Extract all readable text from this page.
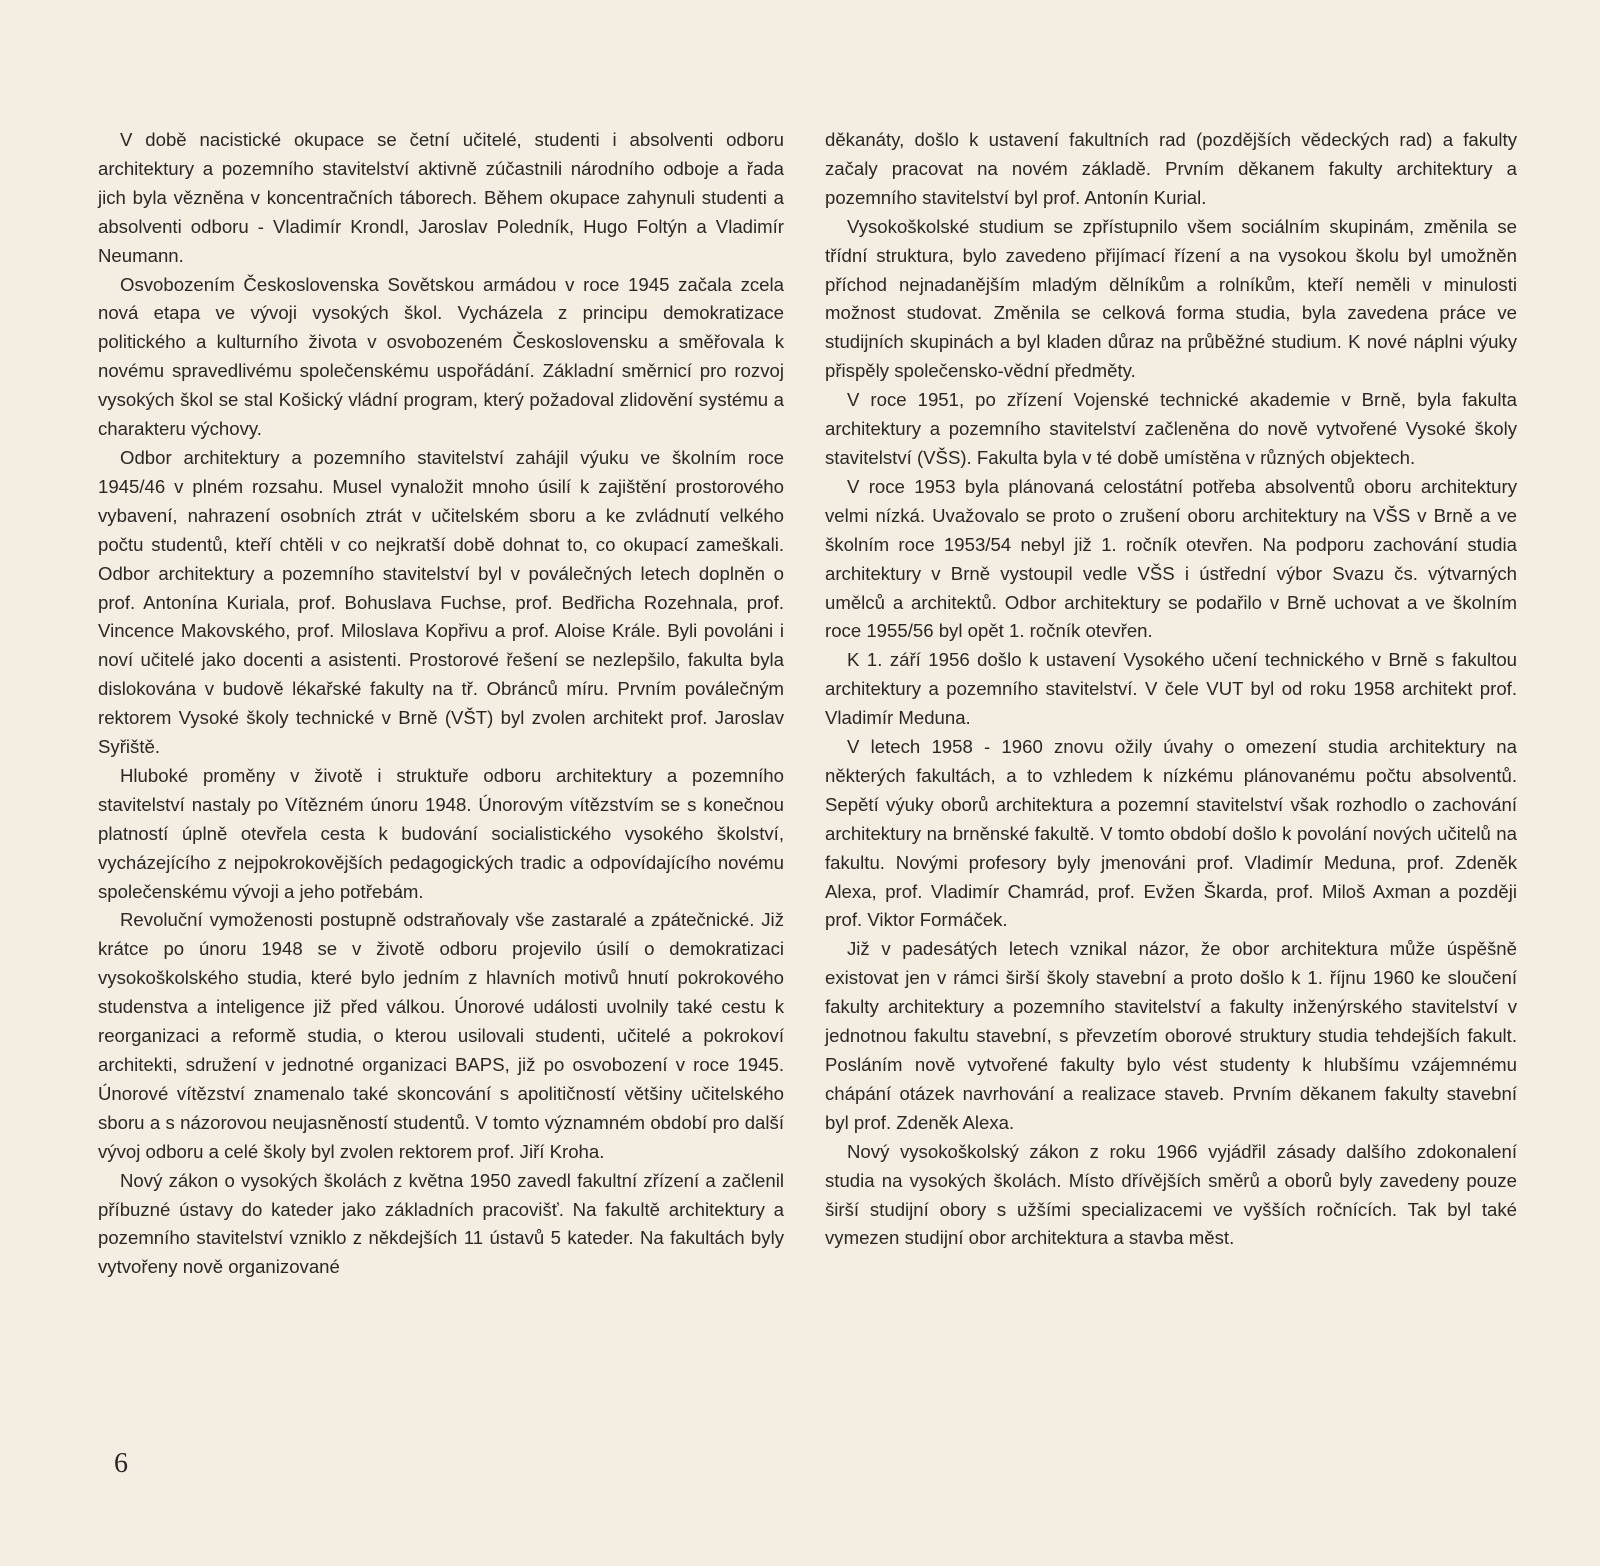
V době nacistické okupace se četní učitelé, studenti i absolventi odboru architektury a pozemního stavitelství aktivně zúčastnili národního odboje a řada jich byla vězněna v koncentračních táborech. Během okupace zahynuli studenti a absolventi odboru - Vladimír Krondl, Jaroslav Poledník, Hugo Foltýn a Vladimír Neumann.

Osvobozením Československa Sovětskou armádou v roce 1945 začala zcela nová etapa ve vývoji vysokých škol. Vycházela z principu demokratizace politického a kulturního života v osvobozeném Československu a směřovala k novému spravedlivému společenskému uspořádání. Základní směrnicí pro rozvoj vysokých škol se stal Košický vládní program, který požadoval zlidovění systému a charakteru výchovy.

Odbor architektury a pozemního stavitelství zahájil výuku ve školním roce 1945/46 v plném rozsahu. Musel vynaložit mnoho úsilí k zajištění prostorového vybavení, nahrazení osobních ztrát v učitelském sboru a ke zvládnutí velkého počtu studentů, kteří chtěli v co nejkratší době dohnat to, co okupací zameškali. Odbor architektury a pozemního stavitelství byl v poválečných letech doplněn o prof. Antonína Kuriala, prof. Bohuslava Fuchse, prof. Bedřicha Rozehnala, prof. Vincence Makovského, prof. Miloslava Kopřivu a prof. Aloise Krále. Byli povoláni i noví učitelé jako docenti a asistenti. Prostorové řešení se nezlepšilo, fakulta byla dislokována v budově lékařské fakulty na tř. Obránců míru. Prvním poválečným rektorem Vysoké školy technické v Brně (VŠT) byl zvolen architekt prof. Jaroslav Syřiště.

Hluboké proměny v životě i struktuře odboru architektury a pozemního stavitelství nastaly po Vítězném únoru 1948. Únorovým vítězstvím se s konečnou platností úplně otevřela cesta k budování socialistického vysokého školství, vycházejícího z nejpokrokovějších pedagogických tradic a odpovídajícího novému společenskému vývoji a jeho potřebám.

Revoluční vymoženosti postupně odstraňovaly vše zastaralé a zpátečnické. Již krátce po únoru 1948 se v životě odboru projevilo úsilí o demokratizaci vysokoškolského studia, které bylo jedním z hlavních motivů hnutí pokrokového studenstva a inteligence již před válkou. Únorové události uvolnily také cestu k reorganizaci a reformě studia, o kterou usilovali studenti, učitelé a pokrokoví architekti, sdružení v jednotné organizaci BAPS, již po osvobození v roce 1945. Únorové vítězství znamenalo také skoncování s apolitičností většiny učitelského sboru a s názorovou neujasněností studentů. V tomto významném období pro další vývoj odboru a celé školy byl zvolen rektorem prof. Jiří Kroha.

Nový zákon o vysokých školách z května 1950 zavedl fakultní zřízení a začlenil příbuzné ústavy do kateder jako základních pracovišť. Na fakultě architektury a pozemního stavitelství vzniklo z někdejších 11 ústavů 5 kateder. Na fakultách byly vytvořeny nově organizované

děkanáty, došlo k ustavení fakultních rad (pozdějších vědeckých rad) a fakulty začaly pracovat na novém základě. Prvním děkanem fakulty architektury a pozemního stavitelství byl prof. Antonín Kurial.

Vysokoškolské studium se zpřístupnilo všem sociálním skupinám, změnila se třídní struktura, bylo zavedeno přijímací řízení a na vysokou školu byl umožněn příchod nejnadanějším mladým dělníkům a rolníkům, kteří neměli v minulosti možnost studovat. Změnila se celková forma studia, byla zavedena práce ve studijních skupinách a byl kladen důraz na průběžné studium. K nové náplni výuky přispěly společensko-vědní předměty.

V roce 1951, po zřízení Vojenské technické akademie v Brně, byla fakulta architektury a pozemního stavitelství začleněna do nově vytvořené Vysoké školy stavitelství (VŠS). Fakulta byla v té době umístěna v různých objektech.

V roce 1953 byla plánovaná celostátní potřeba absolventů oboru architektury velmi nízká. Uvažovalo se proto o zrušení oboru architektury na VŠS v Brně a ve školním roce 1953/54 nebyl již 1. ročník otevřen. Na podporu zachování studia architektury v Brně vystoupil vedle VŠS i ústřední výbor Svazu čs. výtvarných umělců a architektů. Odbor architektury se podařilo v Brně uchovat a ve školním roce 1955/56 byl opět 1. ročník otevřen.

K 1. září 1956 došlo k ustavení Vysokého učení technického v Brně s fakultou architektury a pozemního stavitelství. V čele VUT byl od roku 1958 architekt prof. Vladimír Meduna.

V letech 1958 - 1960 znovu ožily úvahy o omezení studia architektury na některých fakultách, a to vzhledem k nízkému plánovanému počtu absolventů. Sepětí výuky oborů architektura a pozemní stavitelství však rozhodlo o zachování architektury na brněnské fakultě. V tomto období došlo k povolání nových učitelů na fakultu. Novými profesory byly jmenováni prof. Vladimír Meduna, prof. Zdeněk Alexa, prof. Vladimír Chamrád, prof. Evžen Škarda, prof. Miloš Axman a později prof. Viktor Formáček.

Již v padesátých letech vznikal názor, že obor architektura může úspěšně existovat jen v rámci širší školy stavební a proto došlo k 1. říjnu 1960 ke sloučení fakulty architektury a pozemního stavitelství a fakulty inženýrského stavitelství v jednotnou fakultu stavební, s převzetím oborové struktury studia tehdejších fakult. Posláním nově vytvořené fakulty bylo vést studenty k hlubšímu vzájemnému chápání otázek navrhování a realizace staveb. Prvním děkanem fakulty stavební byl prof. Zdeněk Alexa.

Nový vysokoškolský zákon z roku 1966 vyjádřil zásady dalšího zdokonalení studia na vysokých školách. Místo dřívějších směrů a oborů byly zavedeny pouze širší studijní obory s užšími specializacemi ve vyšších ročnících. Tak byl také vymezen studijní obor architektura a stavba měst.

6
